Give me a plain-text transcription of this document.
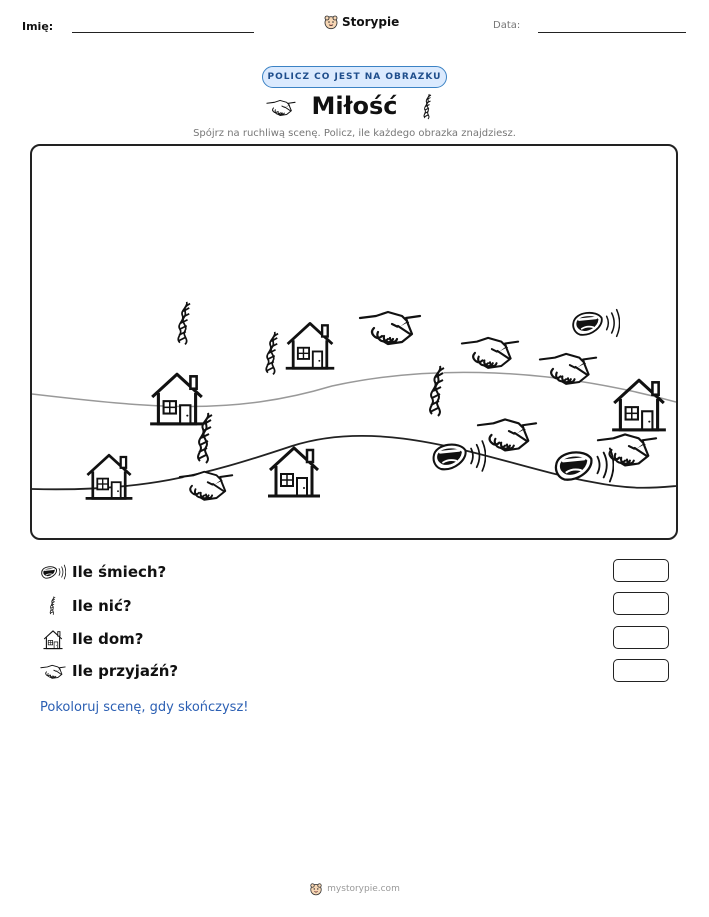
Imię:	Storypie	Data:
POLICZ CO JEST NA OBRAZKU
Miłość
Spójrz na ruchliwą scenę. Policz, ile każdego obrazka znajdziesz.
Ile śmiech?
Ile nić?
Ile dom?
Ile przyjaźń?
Pokoloruj scenę, gdy skończysz!
mystorypie.com
